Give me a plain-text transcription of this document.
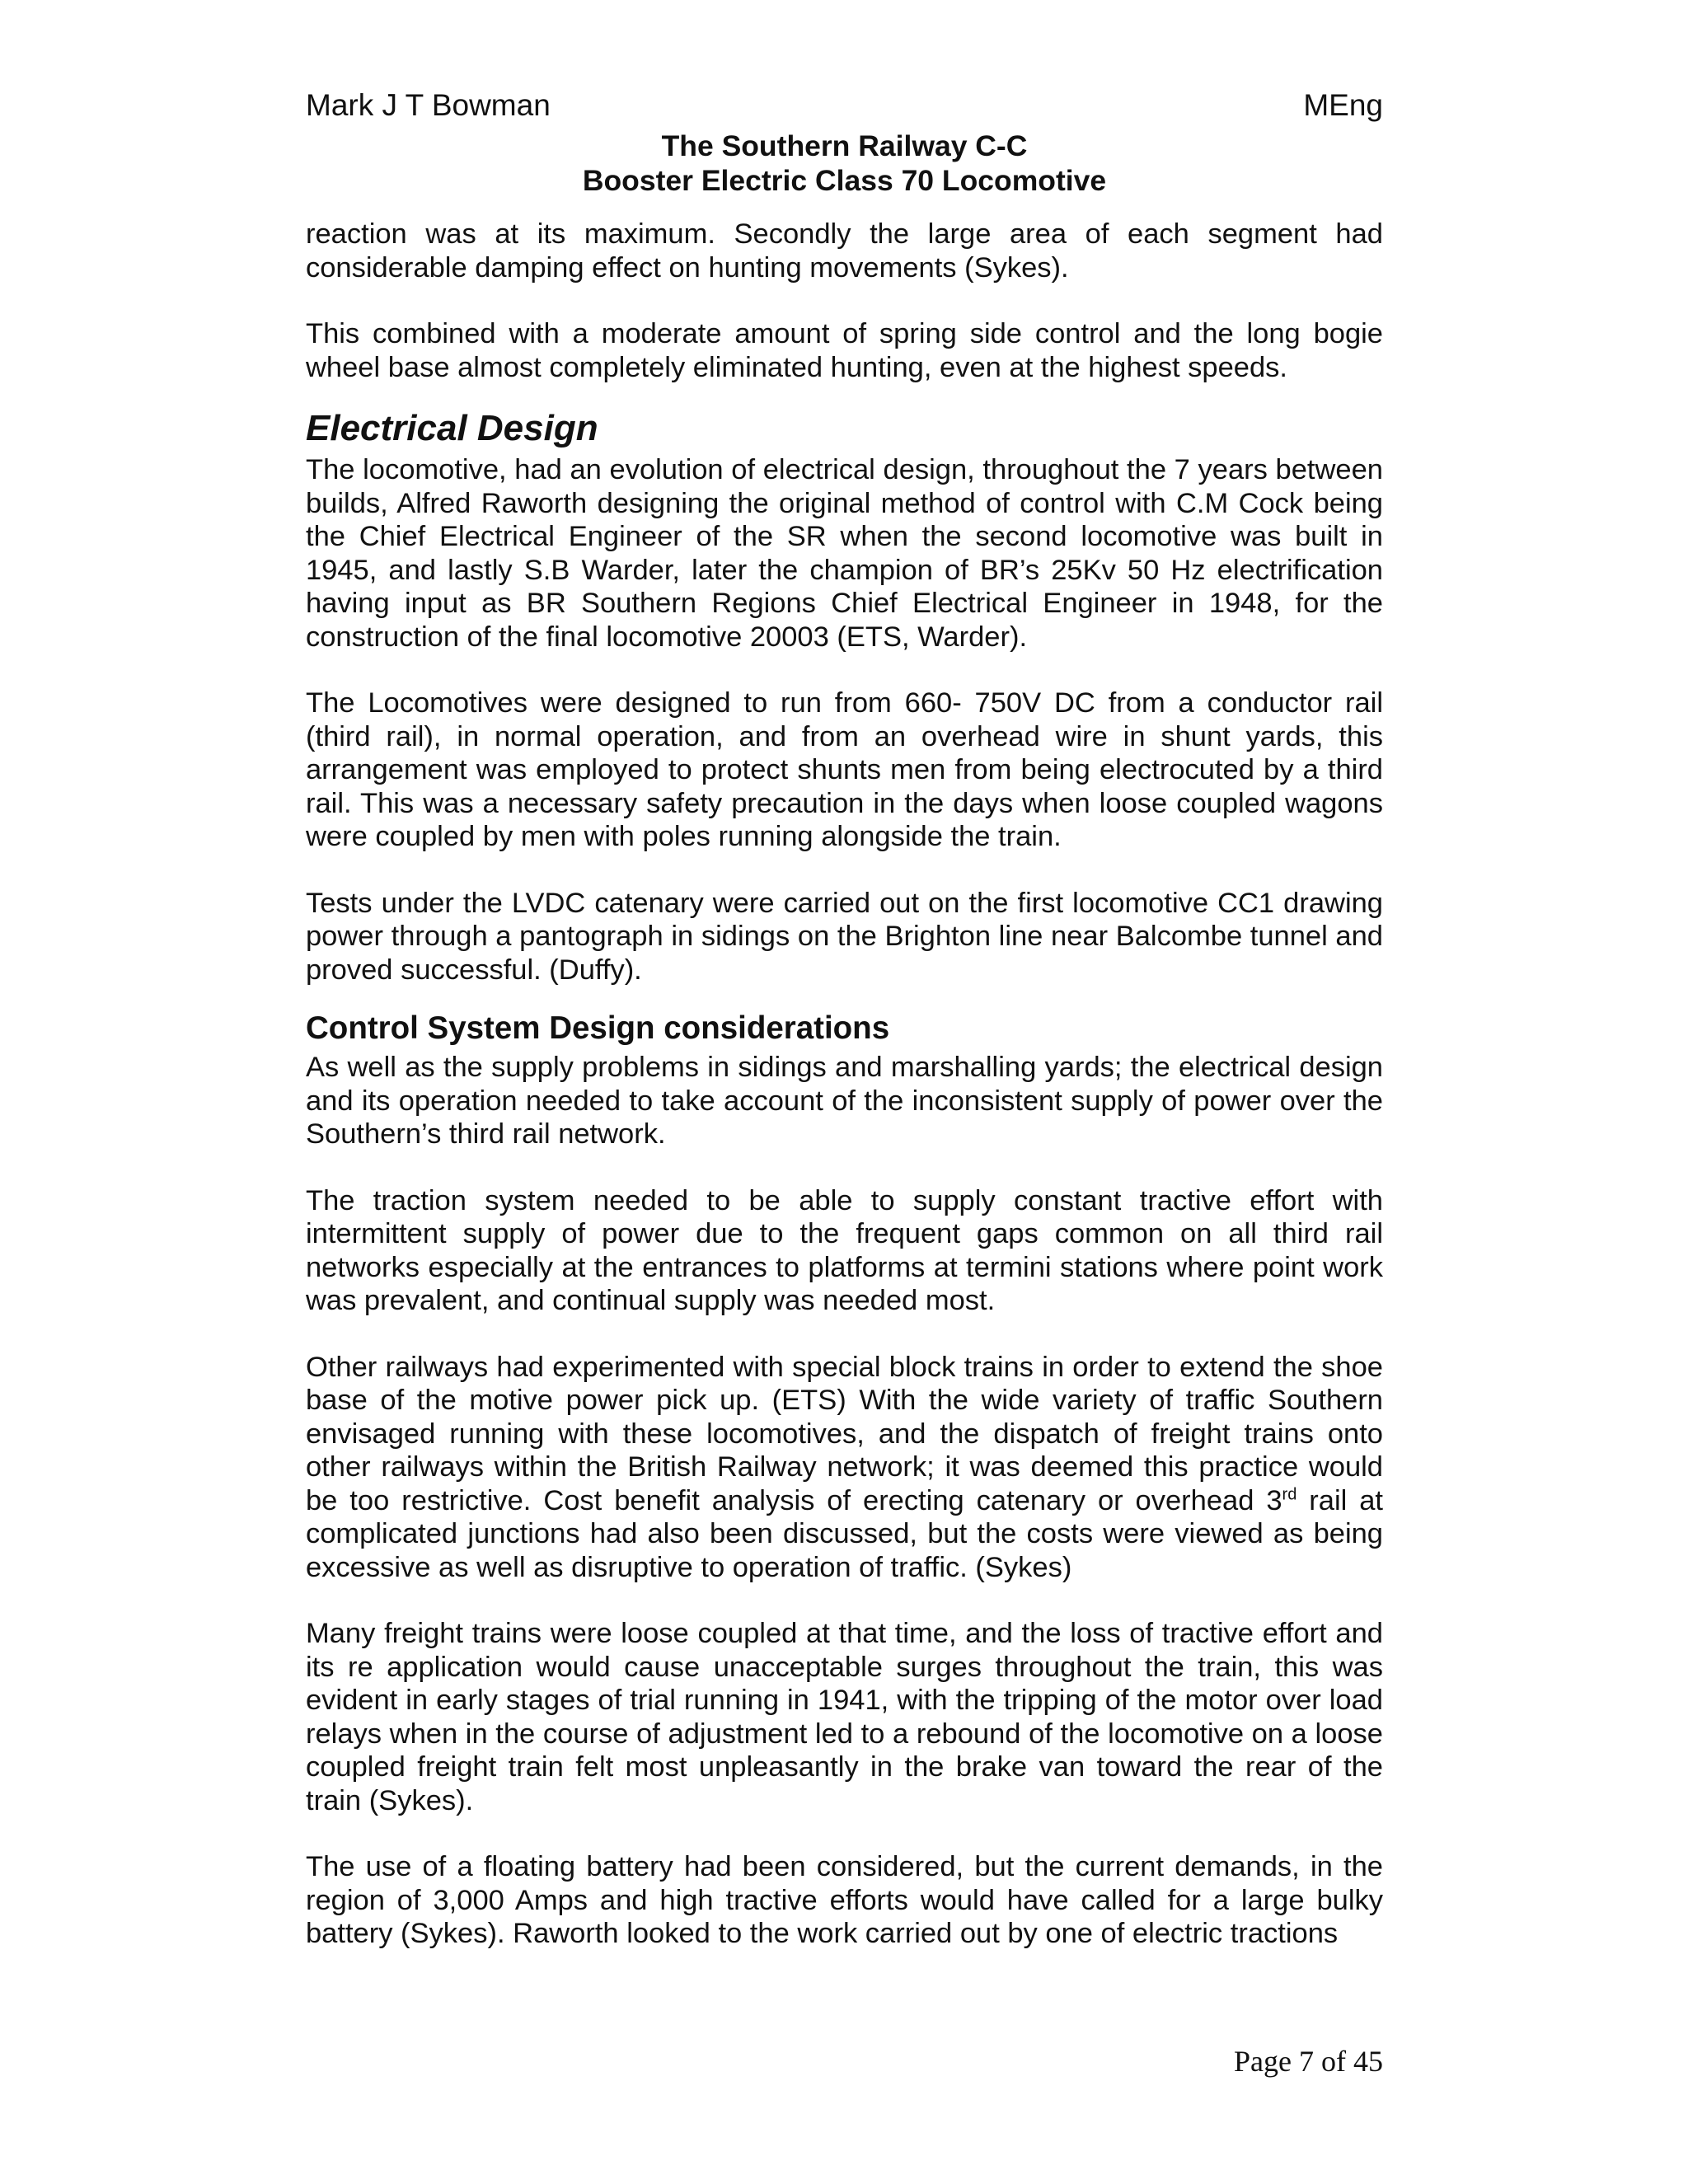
Mark J T Bowman	MEng
The Southern Railway C-C
Booster Electric Class 70 Locomotive

reaction was at its maximum. Secondly the large area of each segment had considerable damping effect on hunting movements (Sykes).

This combined with a moderate amount of spring side control and the long bogie wheel base almost completely eliminated hunting, even at the highest speeds.

Electrical Design

The locomotive, had an evolution of electrical design, throughout the 7 years between builds, Alfred Raworth designing the original method of control with C.M Cock being the Chief Electrical Engineer of the SR when the second locomotive was built in 1945, and lastly S.B Warder, later the champion of BR’s 25Kv 50 Hz electrification having input as BR Southern Regions Chief Electrical Engineer in 1948, for the construction of the final locomotive 20003 (ETS, Warder).

The Locomotives were designed to run from 660- 750V DC from a conductor rail (third rail), in normal operation, and from an overhead wire in shunt yards, this arrangement was employed to protect shunts men from being electrocuted by a third rail. This was a necessary safety precaution in the days when loose coupled wagons were coupled by men with poles running alongside the train.

Tests under the LVDC catenary were carried out on the first locomotive CC1 drawing power through a pantograph in sidings on the Brighton line near Balcombe tunnel and proved successful. (Duffy).

Control System Design considerations

As well as the supply problems in sidings and marshalling yards; the electrical design and its operation needed to take account of the inconsistent supply of power over the Southern’s third rail network.

The traction system needed to be able to supply constant tractive effort with intermittent supply of power due to the frequent gaps common on all third rail networks especially at the entrances to platforms at termini stations where point work was prevalent, and continual supply was needed most.

Other railways had experimented with special block trains in order to extend the shoe base of the motive power pick up. (ETS) With the wide variety of traffic Southern envisaged running with these locomotives, and the dispatch of freight trains onto other railways within the British Railway network; it was deemed this practice would be too restrictive. Cost benefit analysis of erecting catenary or overhead 3rd rail at complicated junctions had also been discussed, but the costs were viewed as being excessive as well as disruptive to operation of traffic. (Sykes)

Many freight trains were loose coupled at that time, and the loss of tractive effort and its re application would cause unacceptable surges throughout the train, this was evident in early stages of trial running in 1941, with the tripping of the motor over load relays when in the course of adjustment led to a rebound of the locomotive on a loose coupled freight train felt most unpleasantly in the brake van toward the rear of the train (Sykes).

The use of a floating battery had been considered, but the current demands, in the region of 3,000 Amps and high tractive efforts would have called for a large bulky battery (Sykes). Raworth looked to the work carried out by one of electric tractions

Page 7 of 45
